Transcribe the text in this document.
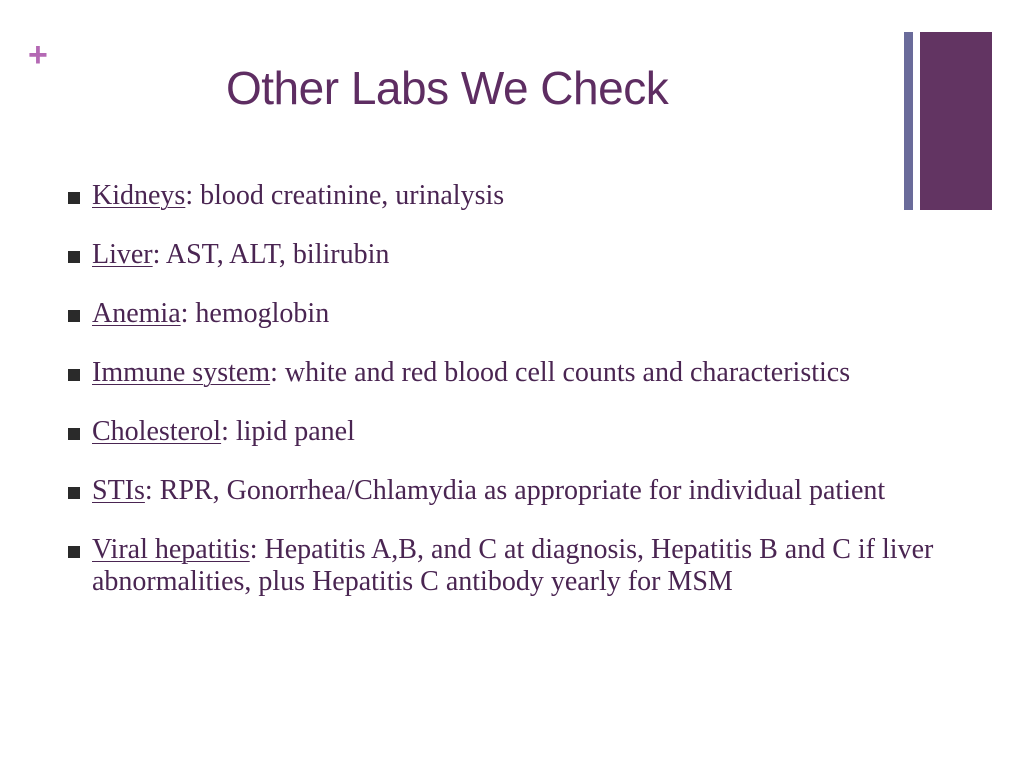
+
Other Labs We Check
Kidneys: blood creatinine, urinalysis
Liver: AST, ALT, bilirubin
Anemia: hemoglobin
Immune system: white and red blood cell counts and characteristics
Cholesterol: lipid panel
STIs: RPR, Gonorrhea/Chlamydia as appropriate for individual patient
Viral hepatitis: Hepatitis A,B, and C at diagnosis, Hepatitis B and C if liver abnormalities, plus Hepatitis C antibody yearly for MSM
